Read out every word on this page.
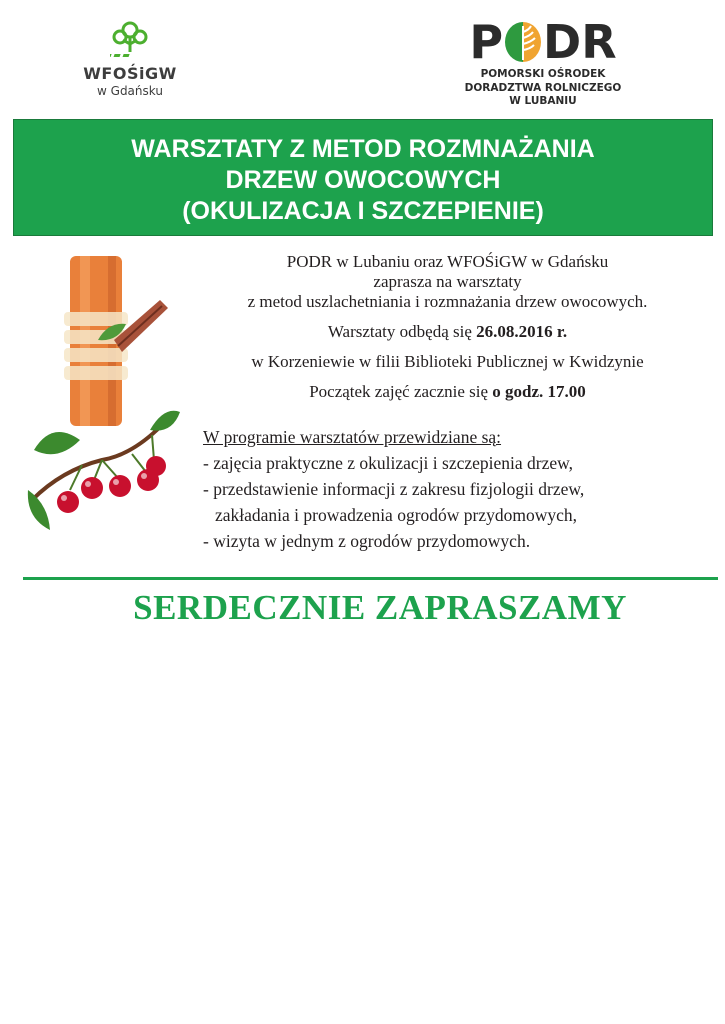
WFOŚiGW
w Gdańsku
P DR
POMORSKI OŚRODEK
DORADZTWA ROLNICZEGO
W LUBANIU
WARSZTATY Z METOD ROZMNAŻANIA
DRZEW OWOCOWYCH
(OKULIZACJA I SZCZEPIENIE)
PODR w Lubaniu oraz WFOŚiGW w Gdańsku
zaprasza na warsztaty
z metod uszlachetniania i rozmnażania drzew owocowych.
Warsztaty odbędą się 26.08.2016 r.
w Korzeniewie w filii Biblioteki Publicznej w Kwidzynie
Początek zajęć zacznie się o godz. 17.00
W programie warsztatów przewidziane są:
- zajęcia praktyczne z okulizacji i szczepienia drzew,
- przedstawienie informacji z zakresu fizjologii drzew,
zakładania i prowadzenia ogrodów przydomowych,
- wizyta w jednym z ogrodów przydomowych.
SERDECZNIE ZAPRASZAMY
